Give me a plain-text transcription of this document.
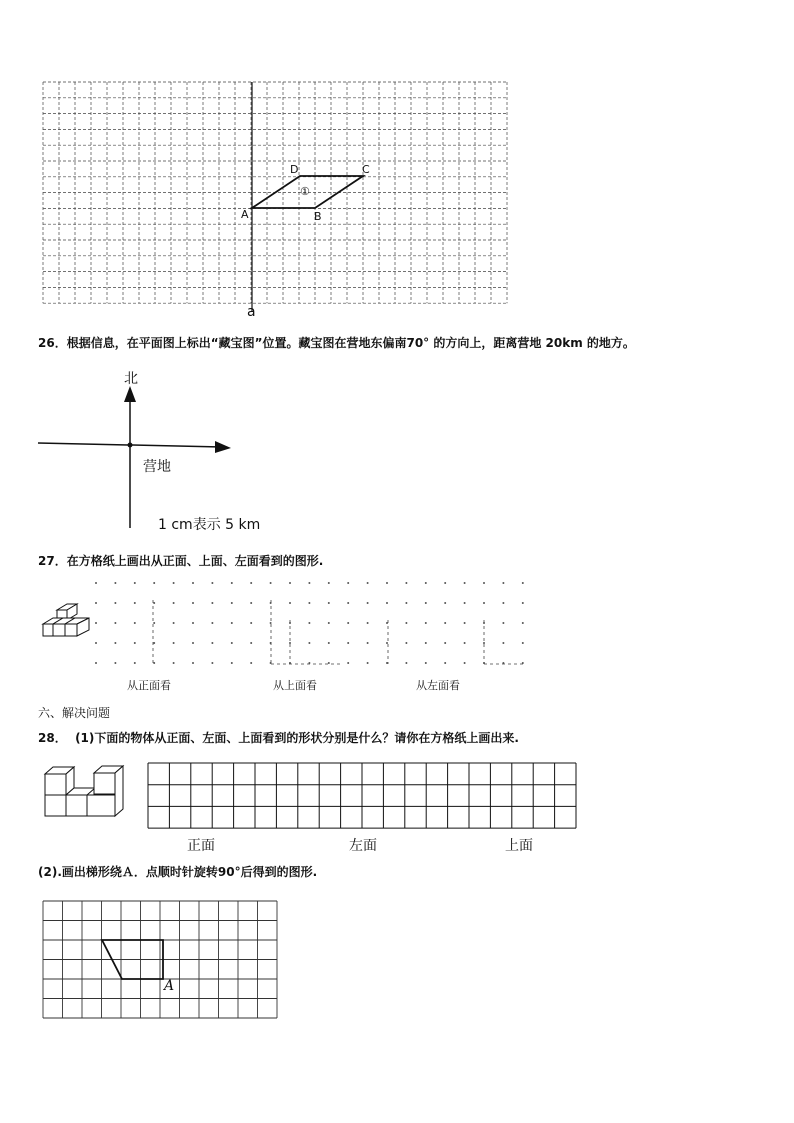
A	B
C
D
①
a
26．根据信息，在平面图上标出“藏宝图”位置。藏宝图在营地东偏南70° 的方向上，距离营地 20km 的地方。
北
营地
1 cm表示 5 km
27．在方格纸上画出从正面、上面、左面看到的图形.
从正面看	从上面看	从左面看
六、解决问题
28． (1)下面的物体从正面、左面、上面看到的形状分别是什么？请你在方格纸上画出来.
正面	左面	上面
(2).画出梯形绕Ａ．点顺时针旋转90°后得到的图形.
A
